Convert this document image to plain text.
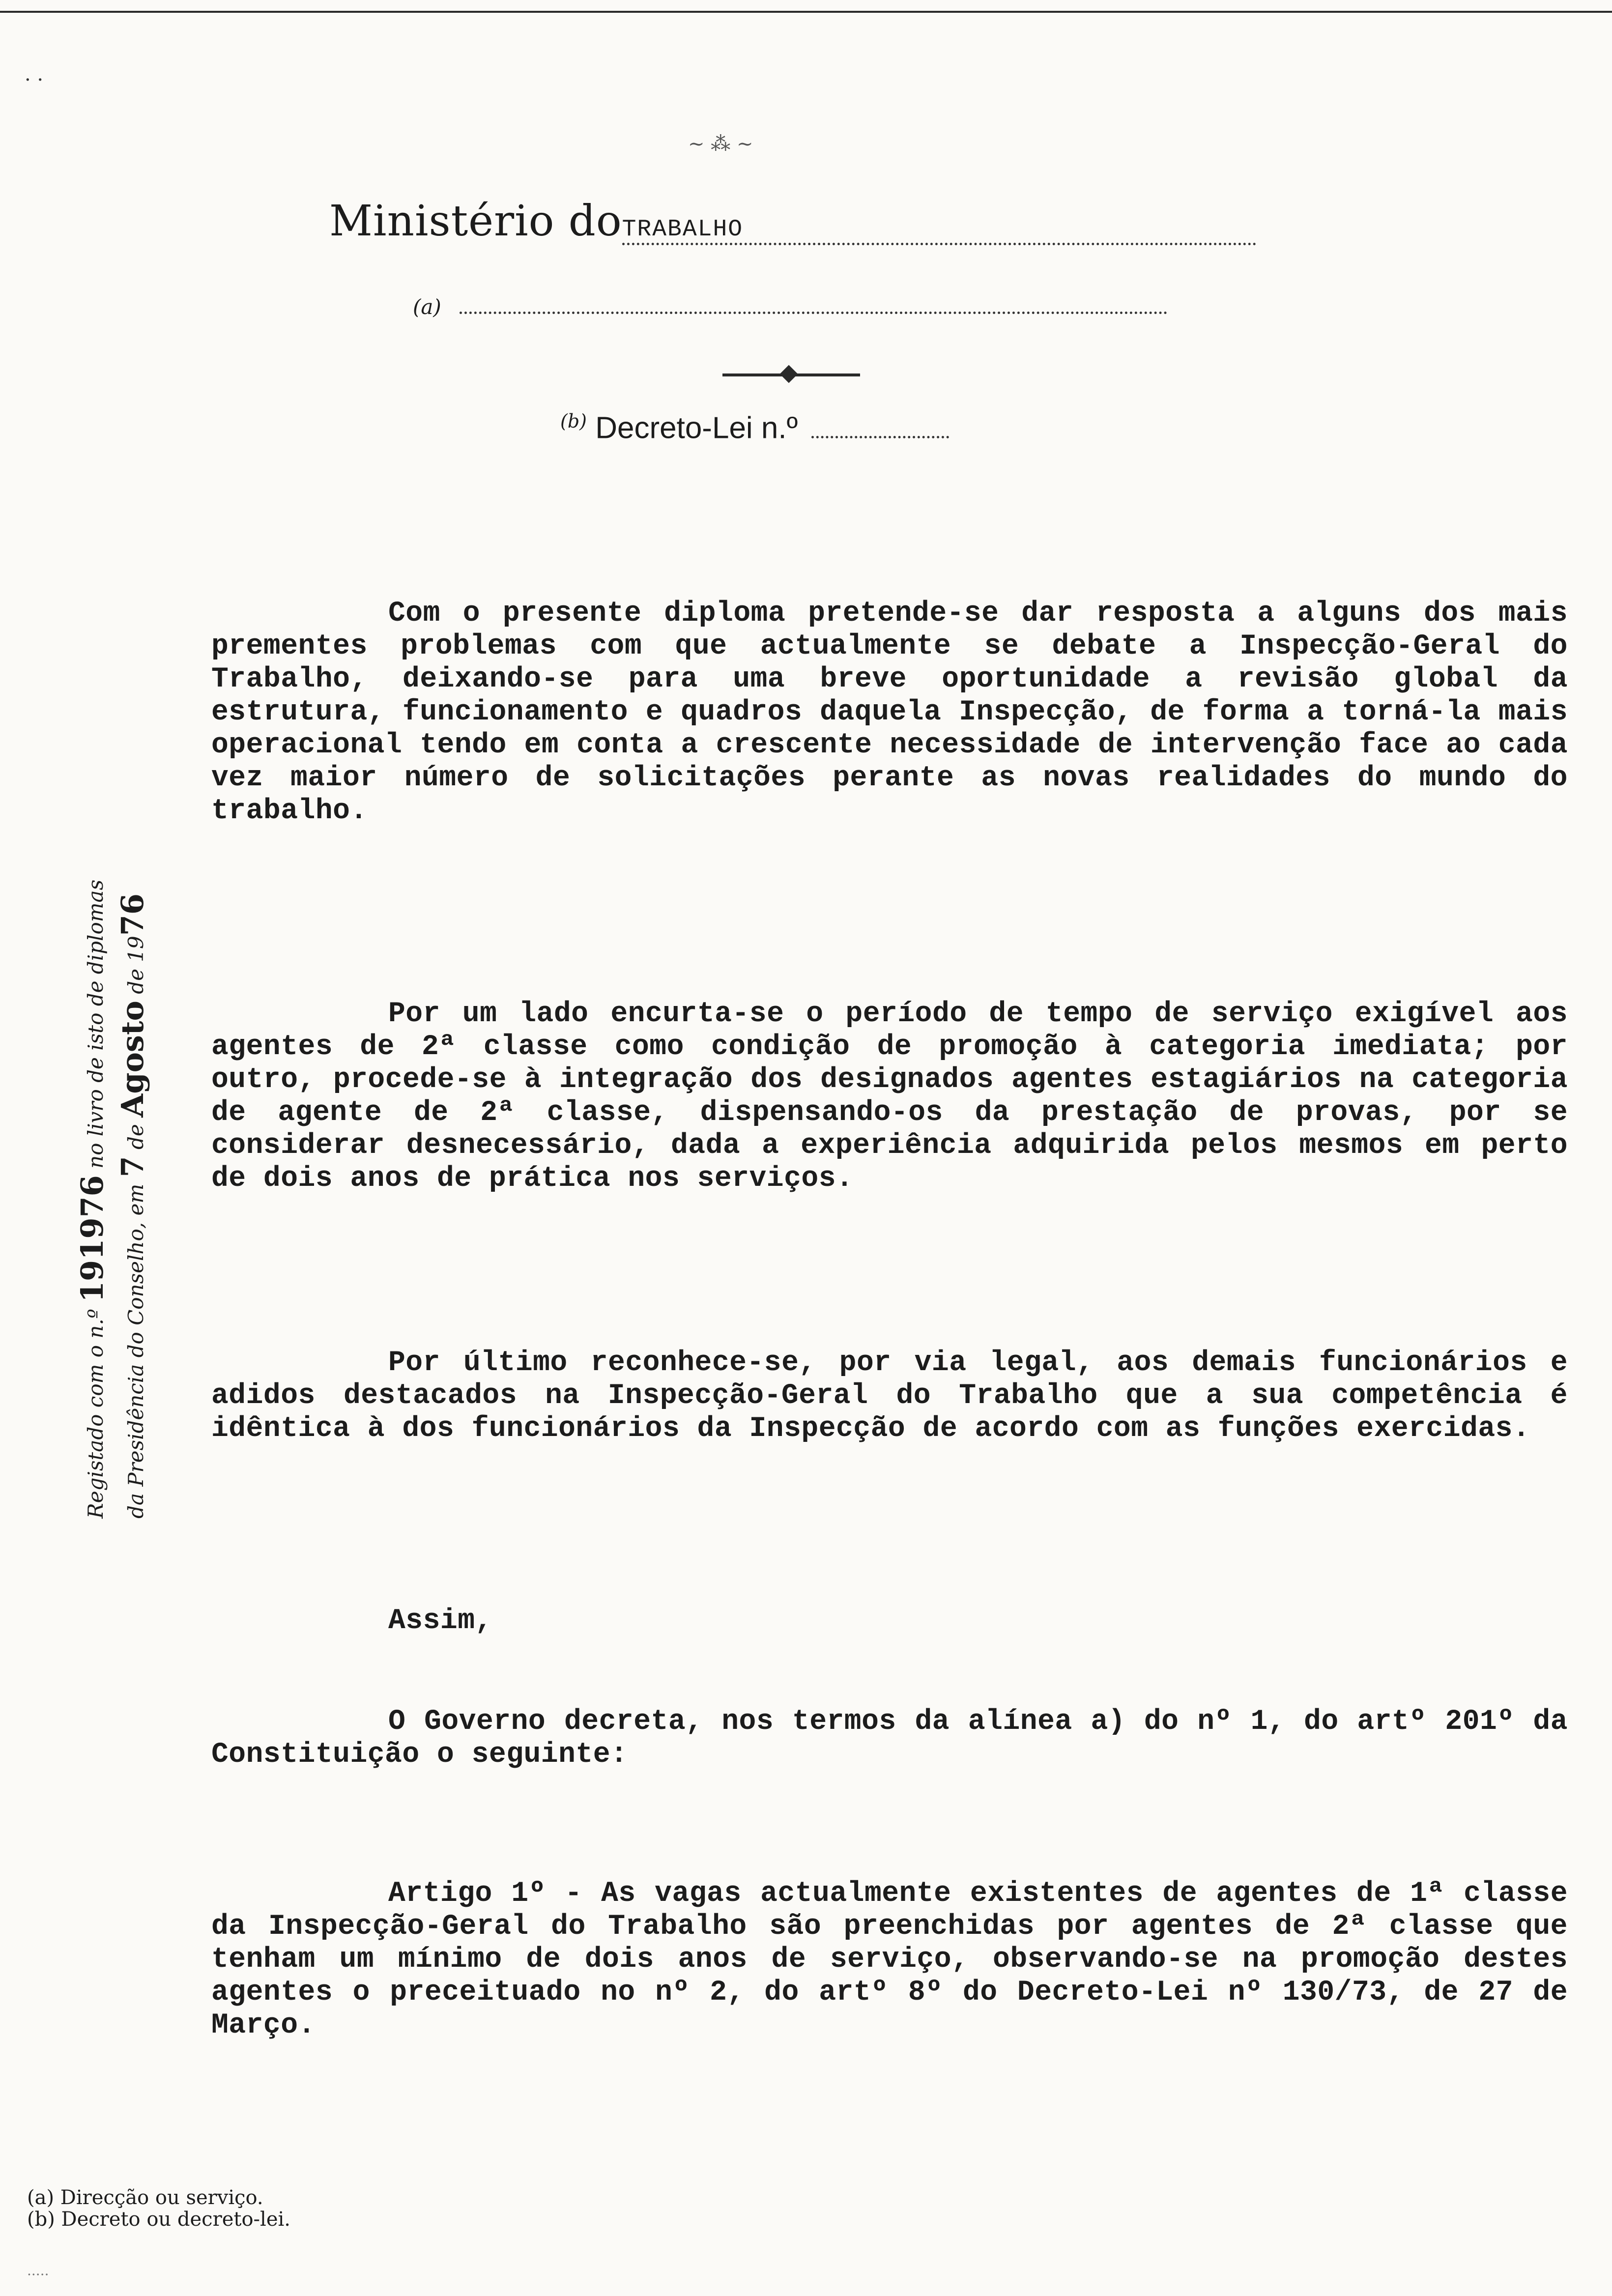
· ·
~ ⁂ ~
Ministério doTRABALHO
(a)
$^{(b)}$ Decreto-Lei n.º
Registado com o n.º 191976 no livro de isto de diplomas
da Presidência do Conselho, em 7 de Agosto de 1976

Com o presente diploma pretende-se dar resposta a alguns dos mais prementes problemas com que actualmente se debate a Inspecção-Geral do Trabalho, deixando-se para uma breve oportunidade a revisão global da estrutura, funcionamento e quadros daquela Inspecção, de forma a torná-la mais operacional tendo em conta a crescente necessidade de intervenção face ao cada vez maior número de solicitações perante as novas realidades do mundo do trabalho.

Por um lado encurta-se o período de tempo de serviço exigível aos agentes de 2ª classe como condição de promoção à categoria imediata; por outro, procede-se à integração dos designados agentes estagiários na categoria de agente de 2ª classe, dispensando-os da prestação de provas, por se considerar desnecessário, dada a experiência adquirida pelos mesmos em perto de dois anos de prática nos serviços.

Por último reconhece-se, por via legal, aos demais funcionários e adidos destacados na Inspecção-Geral do Trabalho que a sua competência é idêntica à dos funcionários da Inspecção de acordo com as funções exercidas.

Assim,

O Governo decreta, nos termos da alínea a) do nº 1, do artº 201º da Constituição o seguinte:

Artigo 1º - As vagas actualmente existentes de agentes de 1ª classe da Inspecção-Geral do Trabalho são preenchidas por agentes de 2ª classe que tenham um mínimo de dois anos de serviço, observando-se na promoção destes agentes o preceituado no nº 2, do artº 8º do Decreto-Lei nº 130/73, de 27 de Março.

(a) Direcção ou serviço.
(b) Decreto ou decreto-lei.
·····
